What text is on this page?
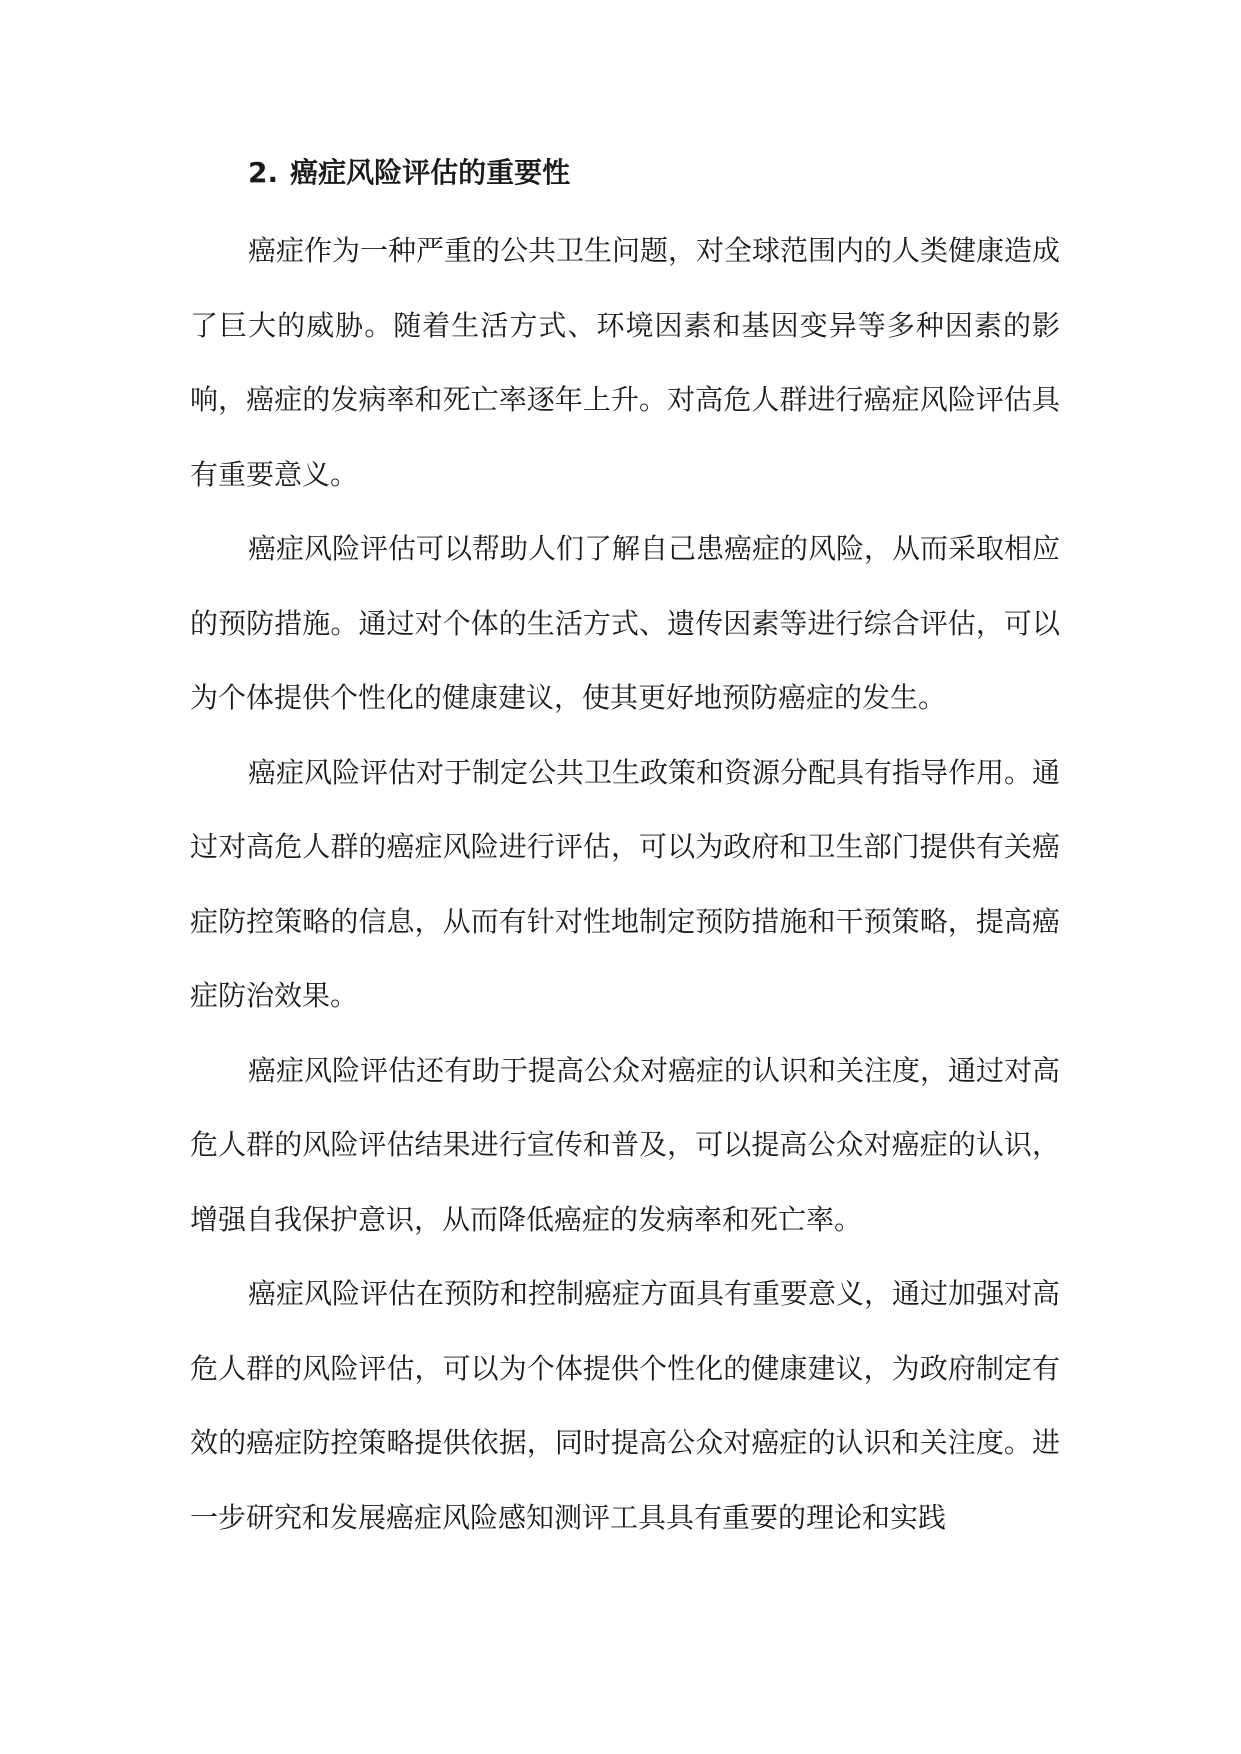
2. 癌症风险评估的重要性

癌症作为一种严重的公共卫生问题，对全球范围内的人类健康造成了巨大的威胁。随着生活方式、环境因素和基因变异等多种因素的影响，癌症的发病率和死亡率逐年上升。对高危人群进行癌症风险评估具有重要意义。

癌症风险评估可以帮助人们了解自己患癌症的风险，从而采取相应的预防措施。通过对个体的生活方式、遗传因素等进行综合评估，可以为个体提供个性化的健康建议，使其更好地预防癌症的发生。

癌症风险评估对于制定公共卫生政策和资源分配具有指导作用。通过对高危人群的癌症风险进行评估，可以为政府和卫生部门提供有关癌症防控策略的信息，从而有针对性地制定预防措施和干预策略，提高癌症防治效果。

癌症风险评估还有助于提高公众对癌症的认识和关注度，通过对高危人群的风险评估结果进行宣传和普及，可以提高公众对癌症的认识，增强自我保护意识，从而降低癌症的发病率和死亡率。

癌症风险评估在预防和控制癌症方面具有重要意义，通过加强对高危人群的风险评估，可以为个体提供个性化的健康建议，为政府制定有效的癌症防控策略提供依据，同时提高公众对癌症的认识和关注度。进一步研究和发展癌症风险感知测评工具具有重要的理论和实践
